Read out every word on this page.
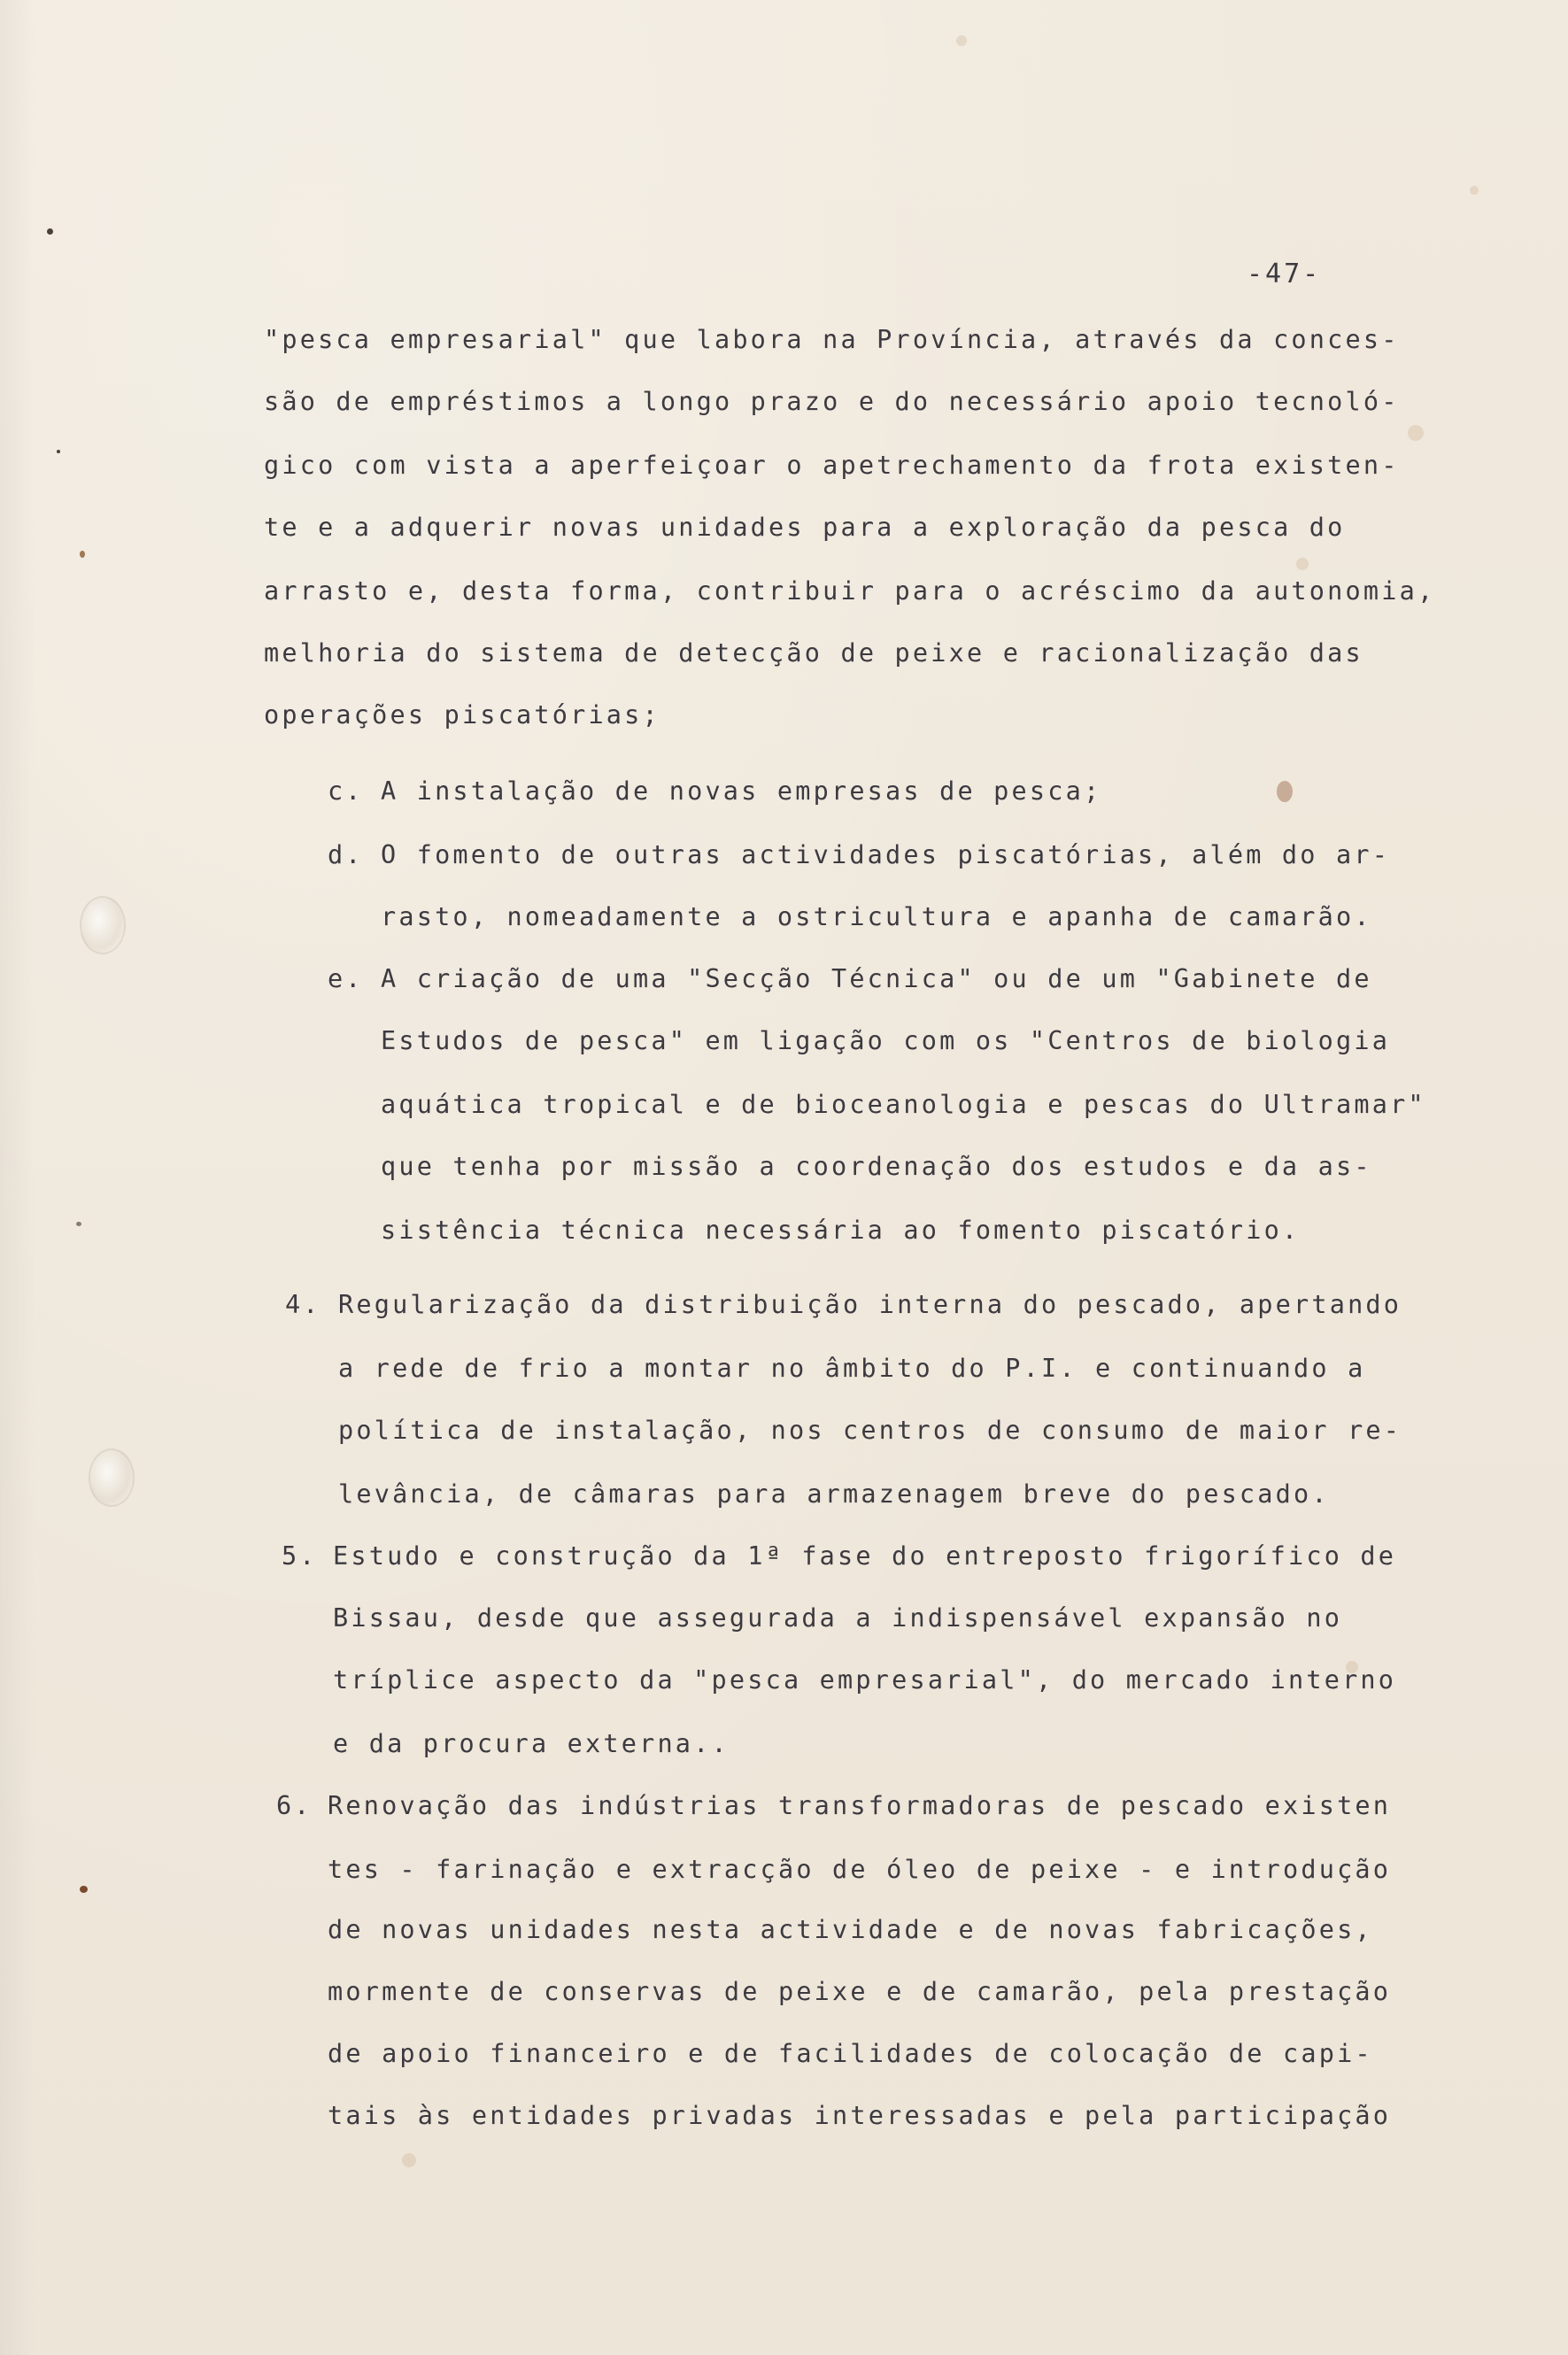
-47-
"pesca empresarial" que labora na Província, através da conces-
são de empréstimos a longo prazo e do necessário apoio tecnoló-
gico com vista a aperfeiçoar o apetrechamento da frota existen-
te e a adquerir novas unidades para a exploração da pesca do
arrasto e, desta forma, contribuir para o acréscimo da autonomia,
melhoria do sistema de detecção de peixe e racionalização das
operações piscatórias;
c. A instalação de novas empresas de pesca;
d. O fomento de outras actividades piscatórias, além do ar-
rasto, nomeadamente a ostricultura e apanha de camarão.
e. A criação de uma "Secção Técnica" ou de um "Gabinete de
Estudos de pesca" em ligação com os "Centros de biologia
aquática tropical e de bioceanologia e pescas do Ultramar"
que tenha por missão a coordenação dos estudos e da as-
sistência técnica necessária ao fomento piscatório.
4. Regularização da distribuição interna do pescado, apertando
a rede de frio a montar no âmbito do P.I. e continuando a
política de instalação, nos centros de consumo de maior re-
levância, de câmaras para armazenagem breve do pescado.
5. Estudo e construção da 1ª fase do entreposto frigorífico de
Bissau, desde que assegurada a indispensável expansão no
tríplice aspecto da "pesca empresarial", do mercado interno
e da procura externa..
6. Renovação das indústrias transformadoras de pescado existen
tes - farinação e extracção de óleo de peixe - e introdução
de novas unidades nesta actividade e de novas fabricações,
mormente de conservas de peixe e de camarão, pela prestação
de apoio financeiro e de facilidades de colocação de capi-
tais às entidades privadas interessadas e pela participação
